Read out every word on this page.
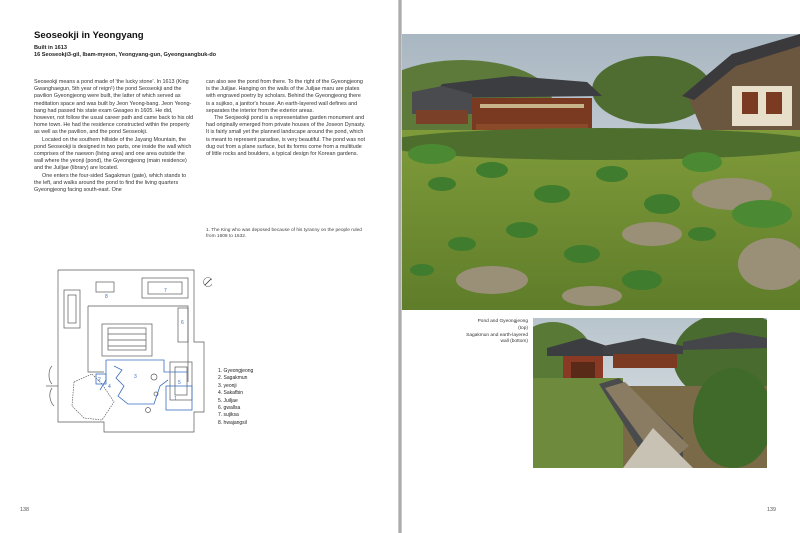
Seoseokji in Yeongyang
Built in 1613
16 Seoseokji3-gil, Ibam-myeon, Yeongyang-gun, Gyeongsangbuk-do

Seoseokji means a pond made of 'the lucky stone'. In 1613 (King Gwanghaegun, 5th year of reign¹) the pond Seoseokji and the pavilion Gyeongjeong were built, the latter of which served as meditation space and was built by Jeon Yeong-bang. Jeon Yeong-bang had passed his state exam Gwageo in 1605. He did, however, not follow the usual career path and came back to his old home town. He had the residence constructed within the property as well as the pavilion, and the pond Seoseokji.

Located on the southern hillside of the Jayang Mountain, the pond Seoseokji is designed in two parts, one inside the wall which comprises of the naewon (living area) and one area outside the wall where the yeonji (pond), the Gyeongjeong (main residence) and the Juiljae (library) are located.

One enters the four-sided Sagakmun (gate), which stands to the left, and walks around the pond to find the living quarters Gyeongjeong facing south-east. One

can also see the pond from there. To the right of the Gyeongjeong is the Juiljae. Hanging on the walls of the Juiljae maru are plates with engraved poetry by scholars. Behind the Gyeongjeong there is a sujikso, a janitor's house. An earth-layered wall defines and separates the interior from the exterior areas.

The Seojseokji pond is a representative garden monument and had originally emerged from private houses of the Joseon Dynasty. It is fairly small yet the planned landscape around the pond, which is meant to represent paradise, is very beautiful. The pond was not dug out from a plane surface, but its forms come from a multitude of little rocks and boulders, a typical design for Korean gardens.

1. The King who was deposed because of his tyranny on the people ruled from 1608 to 1632.
8
7
6
5
4
3
2
1
1. Gyeongjeong
2. Sagakmun
3. yeonji
4. Sakafbin
5. Juiljae
6. gwallsa
7. sujiksa
8. hwajangsil
138
Pond and Gyeongjeong
(top)
Sagakmun and earth-layered
wall (bottom)
139
